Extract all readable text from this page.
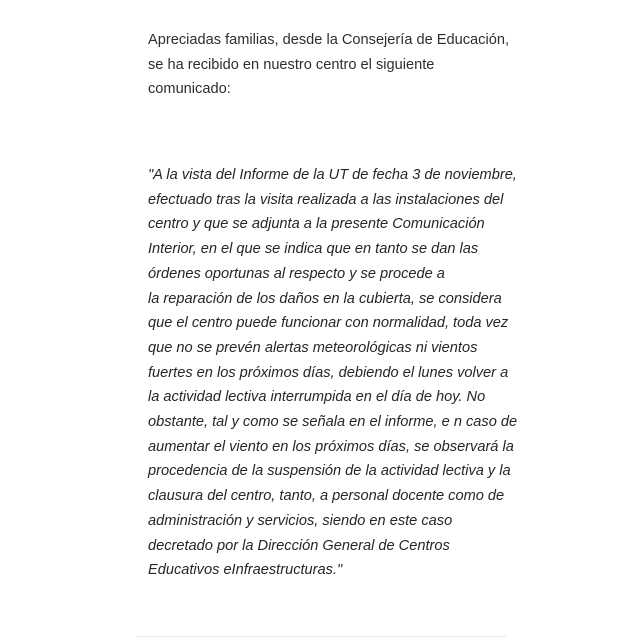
Apreciadas familias, desde la Consejería de Educación,
se ha recibido en nuestro centro el siguiente
comunicado:

"A la vista del Informe de la UT de fecha 3 de noviembre,
efectuado tras la visita realizada a las instalaciones del
centro y que se adjunta a la presente Comunicación
Interior, en el que se indica que en tanto se dan las
órdenes oportunas al respecto y se procede a
la reparación de los daños en la cubierta, se considera
que el centro puede funcionar con normalidad, toda vez
que no se prevén alertas meteorológicas ni vientos
fuertes en los próximos días, debiendo el lunes volver a
la actividad lectiva interrumpida en el día de hoy. No
obstante, tal y como se señala en el informe, e n caso de
aumentar el viento en los próximos días, se observará la
procedencia de la suspensión de la actividad lectiva y la
clausura del centro, tanto, a personal docente como de
administración y servicios, siendo en este caso
decretado por la Dirección General de Centros
Educativos eInfraestructuras."
